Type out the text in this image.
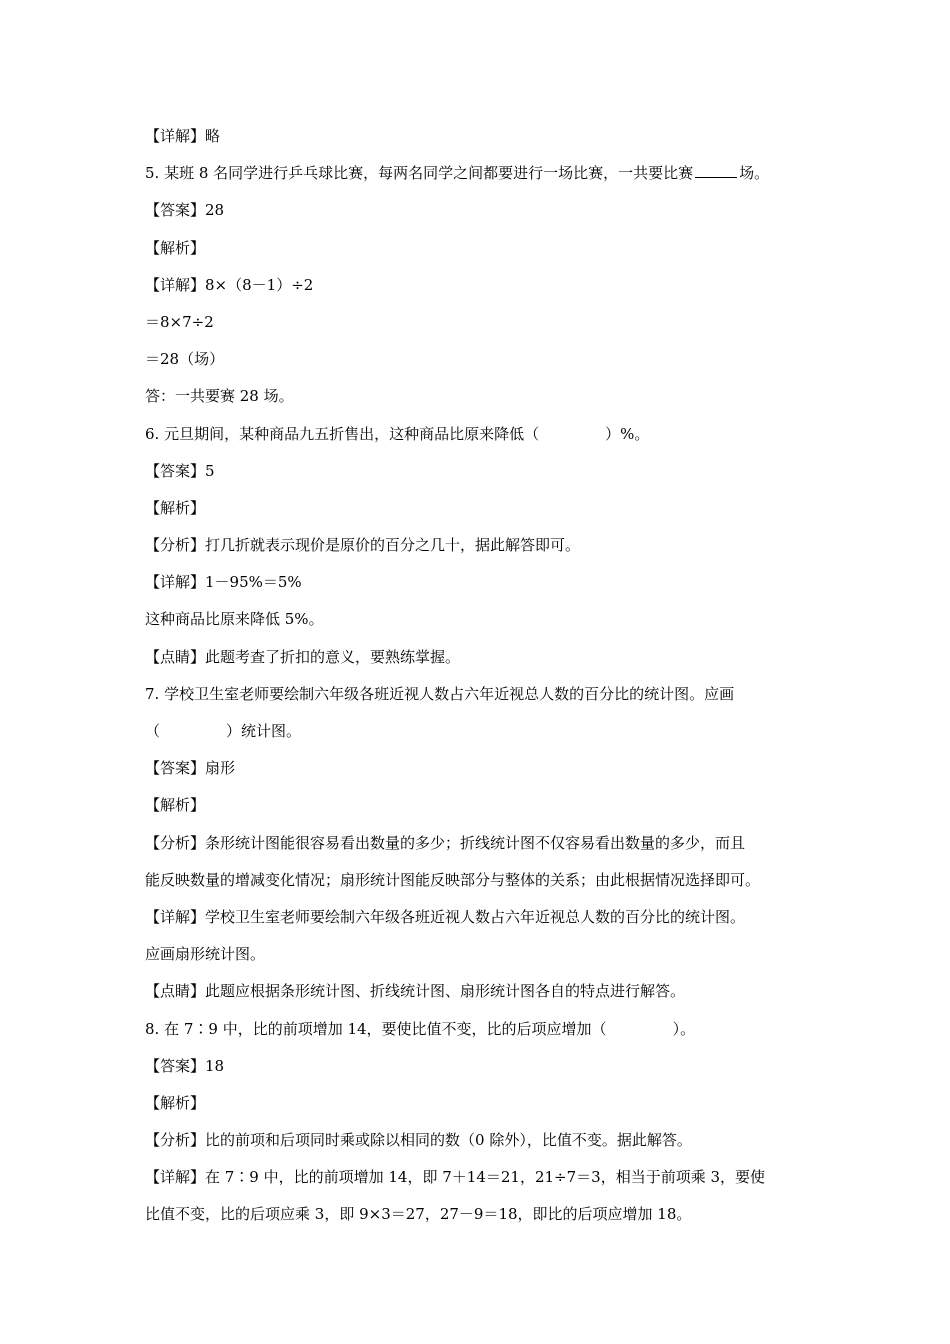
【详解】略
5. 某班 8 名同学进行乒乓球比赛，每两名同学之间都要进行一场比赛，一共要比赛	场。
【答案】28
【解析】
【详解】8×（8－1）÷2
＝8×7÷2
＝28（场）
答：一共要赛 28 场。
6. 元旦期间，某种商品九五折售出，这种商品比原来降低（	）%。
【答案】5
【解析】
【分析】打几折就表示现价是原价的百分之几十，据此解答即可。
【详解】1－95%＝5%
这种商品比原来降低 5%。
【点睛】此题考查了折扣的意义，要熟练掌握。
7. 学校卫生室老师要绘制六年级各班近视人数占六年近视总人数的百分比的统计图。应画
（	）统计图。
【答案】扇形
【解析】
【分析】条形统计图能很容易看出数量的多少；折线统计图不仅容易看出数量的多少，而且
能反映数量的增减变化情况；扇形统计图能反映部分与整体的关系；由此根据情况选择即可。
【详解】学校卫生室老师要绘制六年级各班近视人数占六年近视总人数的百分比的统计图。
应画扇形统计图。
【点睛】此题应根据条形统计图、折线统计图、扇形统计图各自的特点进行解答。
8. 在 7∶9 中，比的前项增加 14，要使比值不变，比的后项应增加（	）。
【答案】18
【解析】
【分析】比的前项和后项同时乘或除以相同的数（0 除外），比值不变。据此解答。
【详解】在 7∶9 中，比的前项增加 14，即 7＋14＝21，21÷7＝3，相当于前项乘 3，要使
比值不变，比的后项应乘 3，即 9×3＝27，27－9＝18，即比的后项应增加 18。
